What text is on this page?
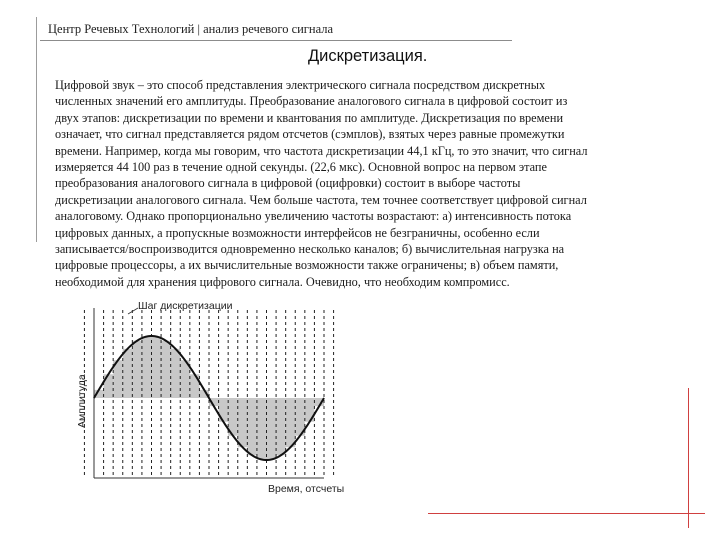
Центр Речевых Технологий | анализ речевого сигнала
Дискретизация.
Цифровой звук – это способ представления электрического сигнала посредством дискретных
численных значений его амплитуды. Преобразование аналогового сигнала в цифровой состоит из
двух этапов: дискретизации по времени и квантования по амплитуде. Дискретизация по времени
означает, что сигнал представляется рядом отсчетов (сэмплов), взятых через равные промежутки
времени. Например, когда мы говорим, что частота дискретизации 44,1 кГц, то это значит, что сигнал
измеряется 44 100 раз в течение одной секунды. (22,6 мкс). Основной вопрос на первом этапе
преобразования аналогового сигнала в цифровой (оцифровки) состоит в выборе частоты
дискретизации аналогового сигнала. Чем больше частота, тем точнее соответствует цифровой сигнал
аналоговому. Однако пропорционально увеличению частоты возрастают: а) интенсивность потока
цифровых данных, а пропускные возможности интерфейсов не безграничны, особенно если
записывается/воспроизводится одновременно несколько каналов; б) вычислительная нагрузка на
цифровые процессоры, а их вычислительные возможности также ограничены; в) объем памяти,
необходимой для хранения цифрового сигнала. Очевидно, что необходим компромисс.
Шаг дискретизации
Амплитуда
Время, отсчеты
